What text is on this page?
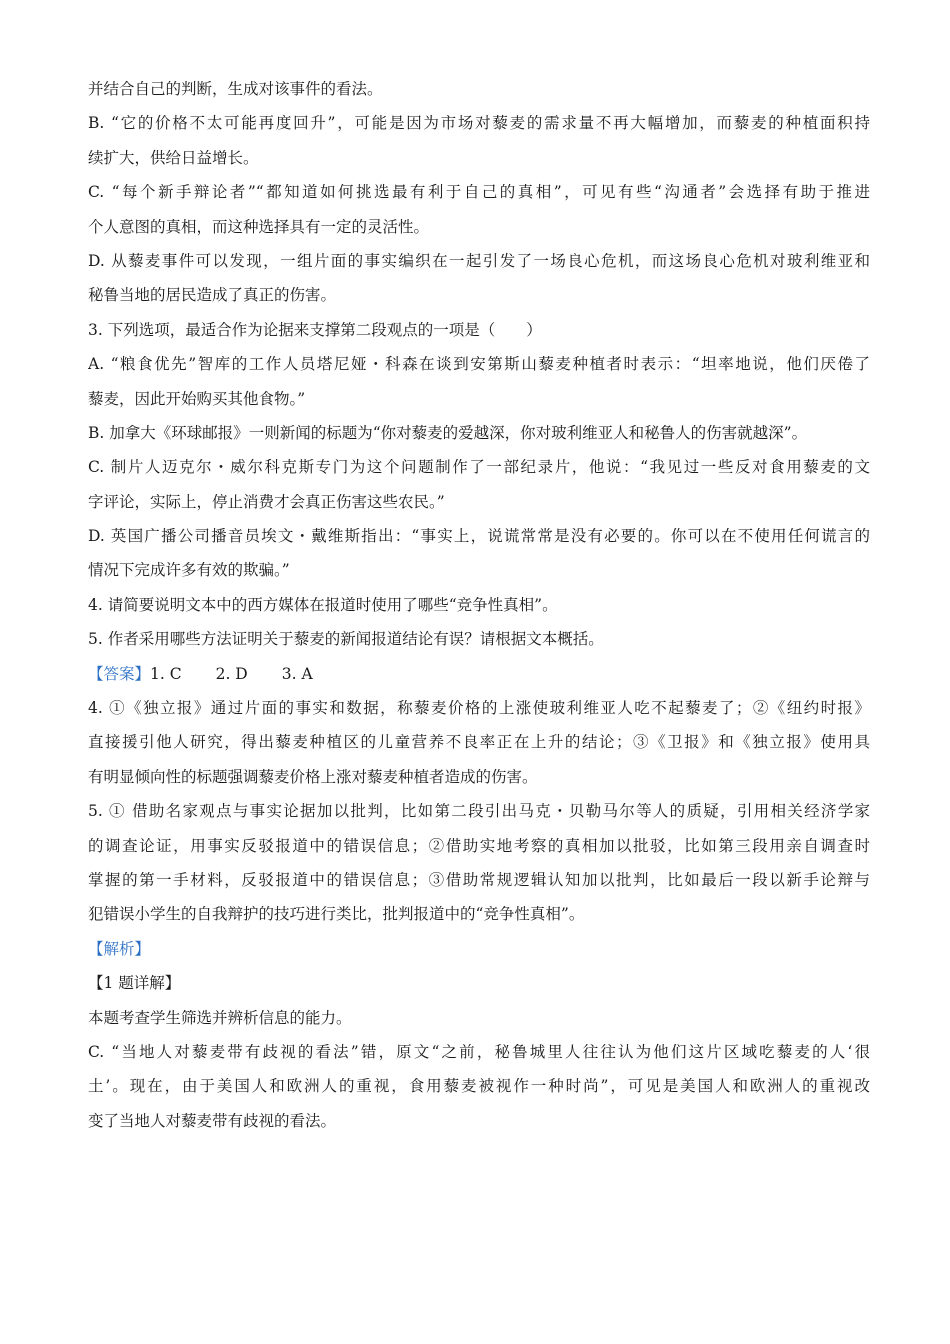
并结合自己的判断，生成对该事件的看法。
B. “它的价格不太可能再度回升”，可能是因为市场对藜麦的需求量不再大幅增加，而藜麦的种植面积持
续扩大，供给日益增长。
C. “每个新手辩论者”“都知道如何挑选最有利于自己的真相”，可见有些“沟通者”会选择有助于推进
个人意图的真相，而这种选择具有一定的灵活性。
D. 从藜麦事件可以发现，一组片面的事实编织在一起引发了一场良心危机，而这场良心危机对玻利维亚和
秘鲁当地的居民造成了真正的伤害。
3. 下列选项，最适合作为论据来支撑第二段观点的一项是（　　）
A. “粮食优先”智库的工作人员塔尼娅・科森在谈到安第斯山藜麦种植者时表示：“坦率地说，他们厌倦了
藜麦，因此开始购买其他食物。”
B. 加拿大《环球邮报》一则新闻的标题为“你对藜麦的爱越深，你对玻利维亚人和秘鲁人的伤害就越深”。
C. 制片人迈克尔・威尔科克斯专门为这个问题制作了一部纪录片，他说：“我见过一些反对食用藜麦的文
字评论，实际上，停止消费才会真正伤害这些农民。”
D. 英国广播公司播音员埃文・戴维斯指出：“事实上，说谎常常是没有必要的。你可以在不使用任何谎言的
情况下完成许多有效的欺骗。”
4. 请简要说明文本中的西方媒体在报道时使用了哪些“竞争性真相”。
5. 作者采用哪些方法证明关于藜麦的新闻报道结论有误？请根据文本概括。
【答案】1. C 2. D 3. A
4. ①《独立报》通过片面的事实和数据，称藜麦价格的上涨使玻利维亚人吃不起藜麦了；②《纽约时报》
直接援引他人研究，得出藜麦种植区的儿童营养不良率正在上升的结论；③《卫报》和《独立报》使用具
有明显倾向性的标题强调藜麦价格上涨对藜麦种植者造成的伤害。
5. ① 借助名家观点与事实论据加以批判，比如第二段引出马克・贝勒马尔等人的质疑，引用相关经济学家
的调查论证，用事实反驳报道中的错误信息；②借助实地考察的真相加以批驳，比如第三段用亲自调查时
掌握的第一手材料，反驳报道中的错误信息；③借助常规逻辑认知加以批判，比如最后一段以新手论辩与
犯错误小学生的自我辩护的技巧进行类比，批判报道中的“竞争性真相”。
【解析】
【1 题详解】
本题考查学生筛选并辨析信息的能力。
C. “当地人对藜麦带有歧视的看法”错，原文“之前，秘鲁城里人往往认为他们这片区域吃藜麦的人‘很
土’。现在，由于美国人和欧洲人的重视，食用藜麦被视作一种时尚”，可见是美国人和欧洲人的重视改
变了当地人对藜麦带有歧视的看法。
